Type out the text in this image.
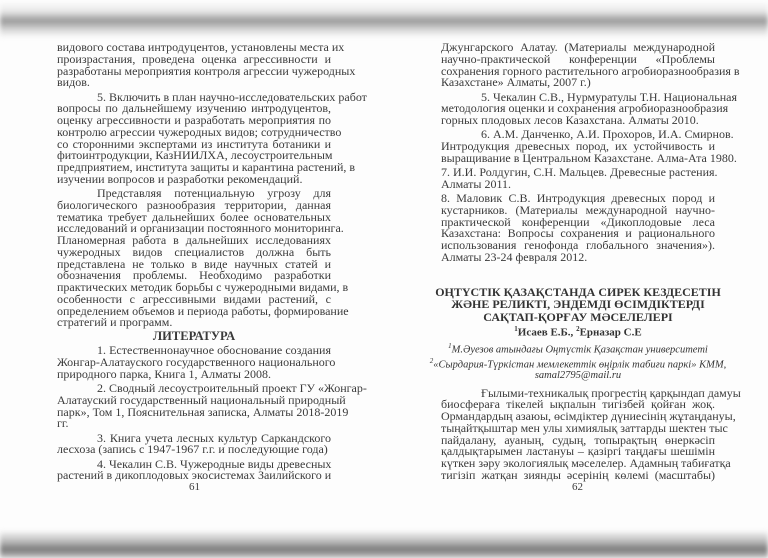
видового состава интродуцентов, установлены места их
произрастания, проведена оценка агрессивности и
разработаны мероприятия контроля агрессии чужеродных
видов.
5. Включить в план научно-исследовательских работ
вопросы по дальнейшему изучению интродуцентов,
оценку агрессивности и разработать мероприятия по
контролю агрессии чужеродных видов; сотрудничество
со сторонними экспертами из института ботаники и
фитоинтродукции, КазНИИЛХА, лесоустроительным
предприятием, института защиты и карантина растений, в
изучении вопросов и разработки рекомендаций.
Представляя потенциальную угрозу для
биологического разнообразия территории, данная
тематика требует дальнейших более основательных
исследований и организации постоянного мониторинга.
Планомерная работа в дальнейших исследованиях
чужеродных видов специалистов должна быть
представлена не только в виде научных статей и
обозначения проблемы. Необходимо разработки
практических методик борьбы с чужеродными видами, в
особенности с агрессивными видами растений, с
определением объемов и периода работы, формирование
стратегий и программ.
ЛИТЕРАТУРА
1. Естественнонаучное обоснование создания
Жонгар-Алатауского государственного национального
природного парка, Книга 1, Алматы 2008.
2. Сводный лесоустроительный проект ГУ «Жонгар-
Алатауский государственный национальный природный
парк», Том 1, Пояснительная записка, Алматы 2018-2019
гг.
3. Книга учета лесных культур Саркандского
лесхоза (запись с 1947-1967 г.г. и последующие года)
4. Чекалин С.В. Чужеродные виды древесных
растений в дикоплодовых экосистемах Заилийского и
61
Джунгарского Алатау. (Материалы международной
научно-практической конференции «Проблемы
сохранения горного растительного агробиоразнообразия в
Казахстане» Алматы, 2007 г.)
5. Чекалин С.В., Нурмуратулы Т.Н. Национальная
методология оценки и сохранения агробиоразнообразия
горных плодовых лесов Казахстана. Алматы 2010.
6. А.М. Данченко, А.И. Прохоров, И.А. Смирнов.
Интродукция древесных пород, их устойчивость и
выращивание в Центральном Казахстане. Алма-Ата 1980.
7. И.И. Ролдугин, С.Н. Мальцев. Древесные растения.
Алматы 2011.
8. Маловик С.В. Интродукция древесных пород и
кустарников. (Материалы международной научно-
практической конференции «Дикоплодовые леса
Казахстана: Вопросы сохранения и рационального
использования генофонда глобального значения»).
Алматы 23-24 февраля 2012.
ОҢТҮСТІК ҚАЗАҚСТАНДА СИРЕК КЕЗДЕСЕТІН
ЖӘНЕ РЕЛИКТІ, ЭНДЕМДІ ӨСІМДІКТЕРДІ
САҚТАП-ҚОРҒАУ МӘСЕЛЕЛЕРІ
$^1$Исаев Е.Б., $^2$Ерназар С.Е
$^1$М.Әуезов атындағы Оңтүстік Қазақстан университеті
$^2$«Сырдария-Түркістан мемлекеттік өңірлік табиғи паркі» КММ,
samal2795@mail.ru
Ғылыми-техникалық прогрестің қарқындап дамуы
биосфераға тікелей ықпалын тигізбей қойған жоқ.
Ормандардың азаюы, өсімдіктер дүниесінің жұтаңдануы,
тыңайтқыштар мен улы химиялық заттарды шектен тыс
пайдалану, ауаның, судың, топырақтың өнеркәсіп
қалдықтарымен ластануы – қазіргі таңдағы шешімін
күткен зәру экологиялық мәселелер. Адамның табиғатқа
тигізіп жатқан зиянды әсерінің көлемі (масштабы)
62
